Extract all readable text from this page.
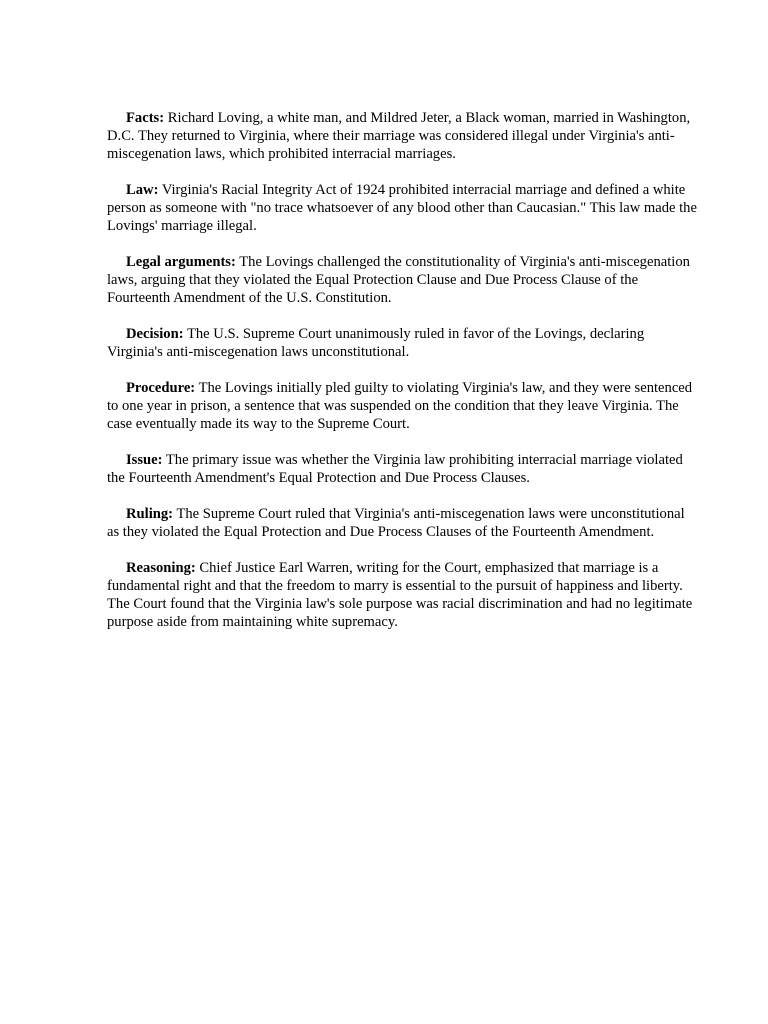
Facts: Richard Loving, a white man, and Mildred Jeter, a Black woman, married in Washington, D.C. They returned to Virginia, where their marriage was considered illegal under Virginia's anti-miscegenation laws, which prohibited interracial marriages.

Law: Virginia's Racial Integrity Act of 1924 prohibited interracial marriage and defined a white person as someone with "no trace whatsoever of any blood other than Caucasian." This law made the Lovings' marriage illegal.

Legal arguments: The Lovings challenged the constitutionality of Virginia's anti-miscegenation laws, arguing that they violated the Equal Protection Clause and Due Process Clause of the Fourteenth Amendment of the U.S. Constitution.

Decision: The U.S. Supreme Court unanimously ruled in favor of the Lovings, declaring Virginia's anti-miscegenation laws unconstitutional.

Procedure: The Lovings initially pled guilty to violating Virginia's law, and they were sentenced to one year in prison, a sentence that was suspended on the condition that they leave Virginia. The case eventually made its way to the Supreme Court.

Issue: The primary issue was whether the Virginia law prohibiting interracial marriage violated the Fourteenth Amendment's Equal Protection and Due Process Clauses.

Ruling: The Supreme Court ruled that Virginia's anti-miscegenation laws were unconstitutional as they violated the Equal Protection and Due Process Clauses of the Fourteenth Amendment.

Reasoning: Chief Justice Earl Warren, writing for the Court, emphasized that marriage is a fundamental right and that the freedom to marry is essential to the pursuit of happiness and liberty. The Court found that the Virginia law's sole purpose was racial discrimination and had no legitimate purpose aside from maintaining white supremacy.
